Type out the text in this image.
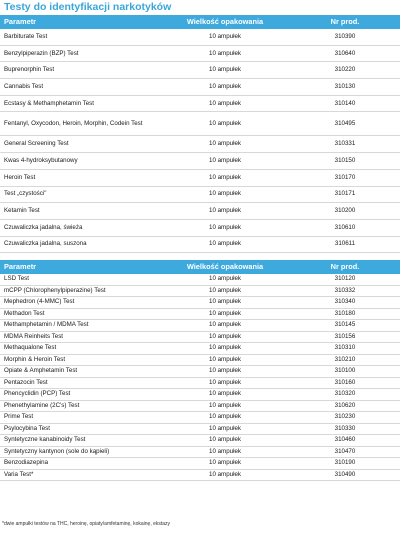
Testy do identyfikacji narkotyków
Parametr	Wielkość opakowania	Nr prod.
Barbiturate Test	10 ampułek	310390
Benzylpiperazin (BZP) Test	10 ampułek	310640
Buprenorphin Test	10 ampułek	310220
Cannabis Test	10 ampułek	310130
Ecstasy & Methamphetamin Test	10 ampułek	310140
Fentanyl, Oxycodon, Heroin, Morphin, Codein Test	10 ampułek	310495
General Screening Test	10 ampułek	310331
Kwas 4-hydroksybutanowy	10 ampułek	310150
Heroin Test	10 ampułek	310170
Test „czystości"	10 ampułek	310171
Ketamin Test	10 ampułek	310200
Czuwaliczka jadalna, świeża	10 ampułek	310610
Czuwaliczka jadalna, suszona	10 ampułek	310611
Parametr	Wielkość opakowania	Nr prod.
LSD Test	10 ampułek	310120
mCPP (Chlorophenylpiperazine) Test	10 ampułek	310332
Mephedron (4-MMC) Test	10 ampułek	310340
Methadon Test	10 ampułek	310180
Methamphetamin / MDMA Test	10 ampułek	310145
MDMA Reinheits Test	10 ampułek	310156
Methaqualone Test	10 ampułek	310310
Morphin & Heroin Test	10 ampułek	310210
Opiate & Amphetamin Test	10 ampułek	310100
Pentazocin Test	10 ampułek	310160
Phencyclidin (PCP) Test	10 ampułek	310320
Phenethylamine (2C's) Test	10 ampułek	310620
Prime Test	10 ampułek	310230
Psylocybina Test	10 ampułek	310330
Syntetyczne kanabinoidy Test	10 ampułek	310460
Syntetyczny kantynon (sole do kąpieli)	10 ampułek	310470
Benzodiazepina	10 ampułek	310190
Varia Test*	10 ampułek	310490
*dwie ampułki testów na THC, heroinę, opiaty/amfetaminę, kokainę, ekstazy
